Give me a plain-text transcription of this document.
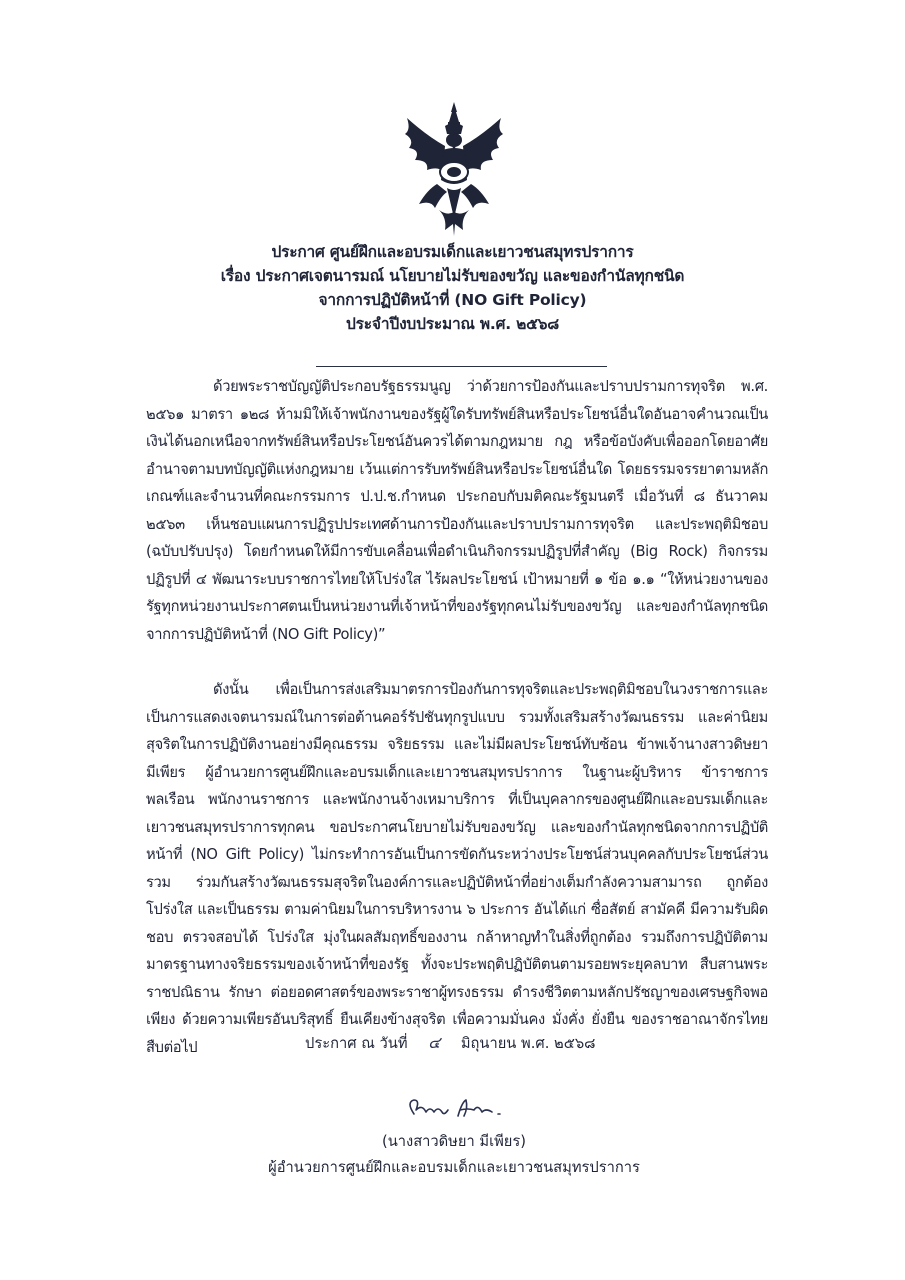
ประกาศ ศูนย์ฝึกและอบรมเด็กและเยาวชนสมุทรปราการ
เรื่อง ประกาศเจตนารมณ์ นโยบายไม่รับของขวัญ และของกำนัลทุกชนิด
จากการปฏิบัติหน้าที่ (NO Gift Policy)
ประจำปีงบประมาณ พ.ศ. ๒๕๖๘
ด้วยพระราชบัญญัติประกอบรัฐธรรมนูญ ว่าด้วยการป้องกันและปราบปรามการทุจริต พ.ศ. ๒๕๖๑ มาตรา ๑๒๘ ห้ามมิให้เจ้าพนักงานของรัฐผู้ใดรับทรัพย์สินหรือประโยชน์อื่นใดอันอาจคำนวณเป็นเงินได้นอกเหนือจากทรัพย์สินหรือประโยชน์อันควรได้ตามกฎหมาย กฎ หรือข้อบังคับเพื่อออกโดยอาศัยอำนาจตามบทบัญญัติแห่งกฎหมาย เว้นแต่การรับทรัพย์สินหรือประโยชน์อื่นใด โดยธรรมจรรยาตามหลักเกณฑ์และจำนวนที่คณะกรรมการ ป.ป.ช.กำหนด ประกอบกับมติคณะรัฐมนตรี เมื่อวันที่ ๘ ธันวาคม ๒๕๖๓ เห็นชอบแผนการปฏิรูปประเทศด้านการป้องกันและปราบปรามการทุจริต และประพฤติมิชอบ (ฉบับปรับปรุง) โดยกำหนดให้มีการขับเคลื่อนเพื่อดำเนินกิจกรรมปฏิรูปที่สำคัญ (Big Rock) กิจกรรมปฏิรูปที่ ๔ พัฒนาระบบราชการไทยให้โปร่งใส ไร้ผลประโยชน์ เป้าหมายที่ ๑ ข้อ ๑.๑ “ให้หน่วยงานของรัฐทุกหน่วยงานประกาศตนเป็นหน่วยงานที่เจ้าหน้าที่ของรัฐทุกคนไม่รับของขวัญ และของกำนัลทุกชนิดจากการปฏิบัติหน้าที่ (NO Gift Policy)”
ดังนั้น เพื่อเป็นการส่งเสริมมาตรการป้องกันการทุจริตและประพฤติมิชอบในวงราชการและเป็นการแสดงเจตนารมณ์ในการต่อต้านคอร์รัปชันทุกรูปแบบ รวมทั้งเสริมสร้างวัฒนธรรม และค่านิยมสุจริตในการปฏิบัติงานอย่างมีคุณธรรม จริยธรรม และไม่มีผลประโยชน์ทับซ้อน ข้าพเจ้านางสาวดิษยา มีเพียร ผู้อำนวยการศูนย์ฝึกและอบรมเด็กและเยาวชนสมุทรปราการ ในฐานะผู้บริหาร ข้าราชการพลเรือน พนักงานราชการ และพนักงานจ้างเหมาบริการ ที่เป็นบุคลากรของศูนย์ฝึกและอบรมเด็กและเยาวชนสมุทรปราการทุกคน ขอประกาศนโยบายไม่รับของขวัญ และของกำนัลทุกชนิดจากการปฏิบัติหน้าที่ (NO Gift Policy) ไม่กระทำการอันเป็นการขัดกันระหว่างประโยชน์ส่วนบุคคลกับประโยชน์ส่วนรวม ร่วมกันสร้างวัฒนธรรมสุจริตในองค์การและปฏิบัติหน้าที่อย่างเต็มกำลังความสามารถ ถูกต้อง โปร่งใส และเป็นธรรม ตามค่านิยมในการบริหารงาน ๖ ประการ อันได้แก่ ซื่อสัตย์ สามัคคี มีความรับผิดชอบ ตรวจสอบได้ โปร่งใส มุ่งในผลสัมฤทธิ์ของงาน กล้าหาญทำในสิ่งที่ถูกต้อง รวมถึงการปฏิบัติตามมาตรฐานทางจริยธรรมของเจ้าหน้าที่ของรัฐ ทั้งจะประพฤติปฏิบัติตนตามรอยพระยุคลบาท สืบสานพระราชปณิธาน รักษา ต่อยอดศาสตร์ของพระราชาผู้ทรงธรรม ดำรงชีวิตตามหลักปรัชญาของเศรษฐกิจพอเพียง ด้วยความเพียรอันบริสุทธิ์ ยืนเคียงข้างสุจริต เพื่อความมั่นคง มั่งคั่ง ยั่งยืน ของราชอาณาจักรไทยสืบต่อไป	ประกาศ ณ วันที่ ๔ มิถุนายน พ.ศ. ๒๕๖๘
(นางสาวดิษยา มีเพียร)
ผู้อำนวยการศูนย์ฝึกและอบรมเด็กและเยาวชนสมุทรปราการ
